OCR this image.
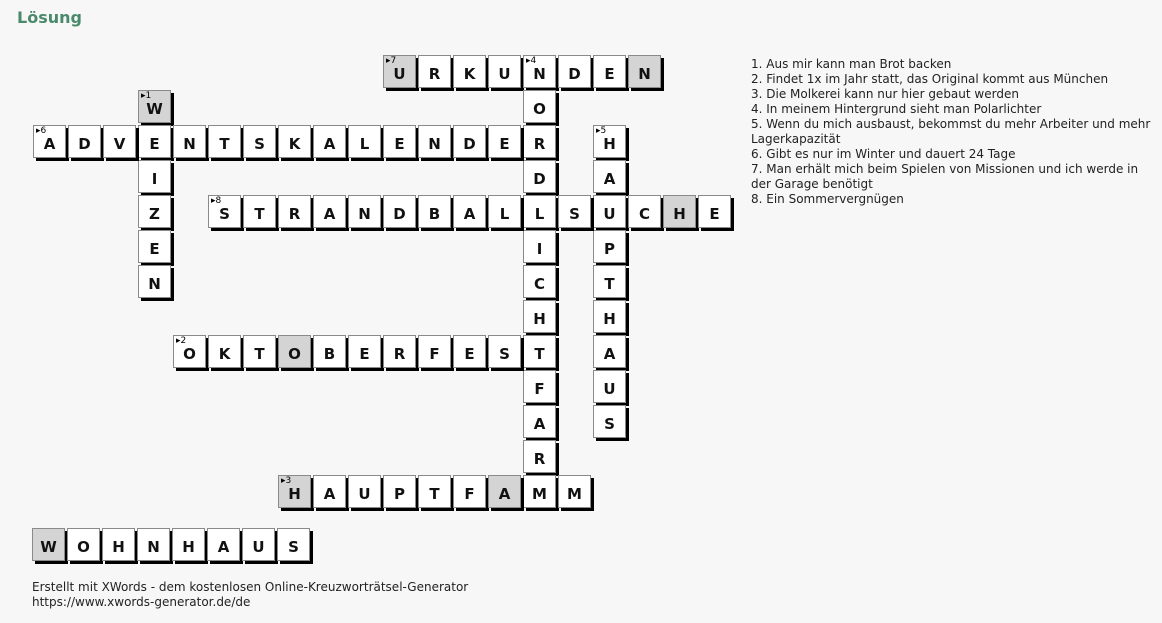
Lösung
▸7
U R K U
▸4
N D E N
O
R
D
L
I
C
H
T
F
A
R
M
▸1
W
E
I
Z
E
N
▸6
A D V	N T S K A L E N D E
▸5
H
A
U
P
T
H
A
U
S
▸8
S T R A N D B A L	S	C H E
▸2
O K T O B E R F E S
▸3
H A U P T F A	M

1. Aus mir kann man Brot backen

2. Findet 1x im Jahr statt, das Original kommt aus München

3. Die Molkerei kann nur hier gebaut werden

4. In meinem Hintergrund sieht man Polarlichter

5. Wenn du mich ausbaust, bekommst du mehr Arbeiter und mehr Lagerkapazität

6. Gibt es nur im Winter und dauert 24 Tage

7. Man erhält mich beim Spielen von Missionen und ich werde in der Garage benötigt

8. Ein Sommervergnügen

W O H N H A U S
Erstellt mit XWords - dem kostenlosen Online-Kreuzworträtsel-Generator
https://www.xwords-generator.de/de
